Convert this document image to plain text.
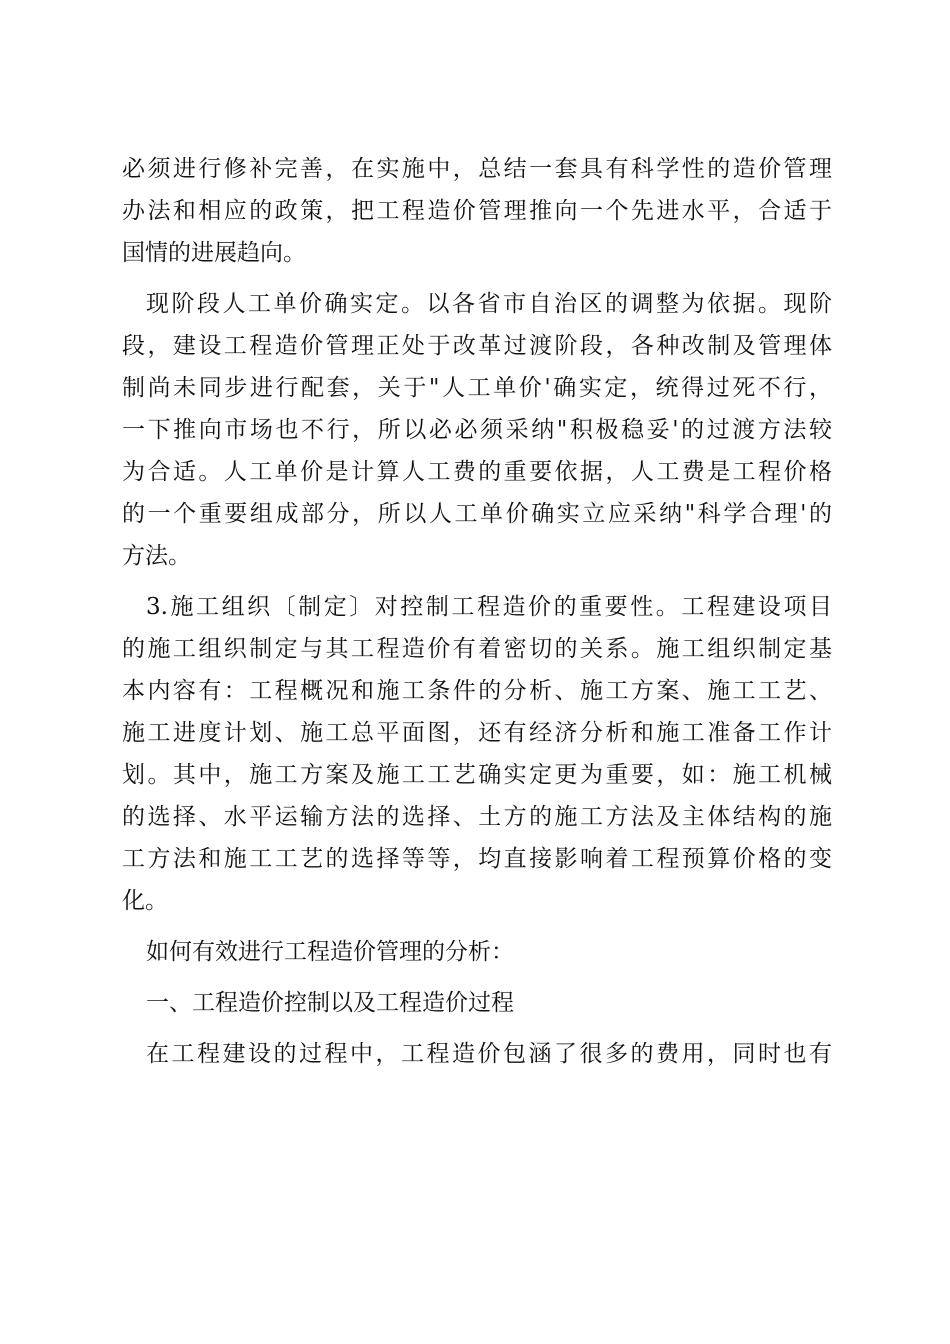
必须进行修补完善，在实施中，总结一套具有科学性的造价管理
办法和相应的政策，把工程造价管理推向一个先进水平，合适于
国情的进展趋向。
现阶段人工单价确实定。以各省市自治区的调整为依据。现阶
段，建设工程造价管理正处于改革过渡阶段，各种改制及管理体
制尚未同步进行配套，关于"人工单价'确实定，统得过死不行，
一下推向市场也不行，所以必必须采纳"积极稳妥'的过渡方法较
为合适。人工单价是计算人工费的重要依据，人工费是工程价格
的一个重要组成部分，所以人工单价确实立应采纳"科学合理'的
方法。
3.施工组织〔制定〕对控制工程造价的重要性。工程建设项目
的施工组织制定与其工程造价有着密切的关系。施工组织制定基
本内容有：工程概况和施工条件的分析、施工方案、施工工艺、
施工进度计划、施工总平面图，还有经济分析和施工准备工作计
划。其中，施工方案及施工工艺确实定更为重要，如：施工机械
的选择、水平运输方法的选择、土方的施工方法及主体结构的施
工方法和施工工艺的选择等等，均直接影响着工程预算价格的变
化。
如何有效进行工程造价管理的分析：
一、工程造价控制以及工程造价过程
在工程建设的过程中，工程造价包涵了很多的费用，同时也有
